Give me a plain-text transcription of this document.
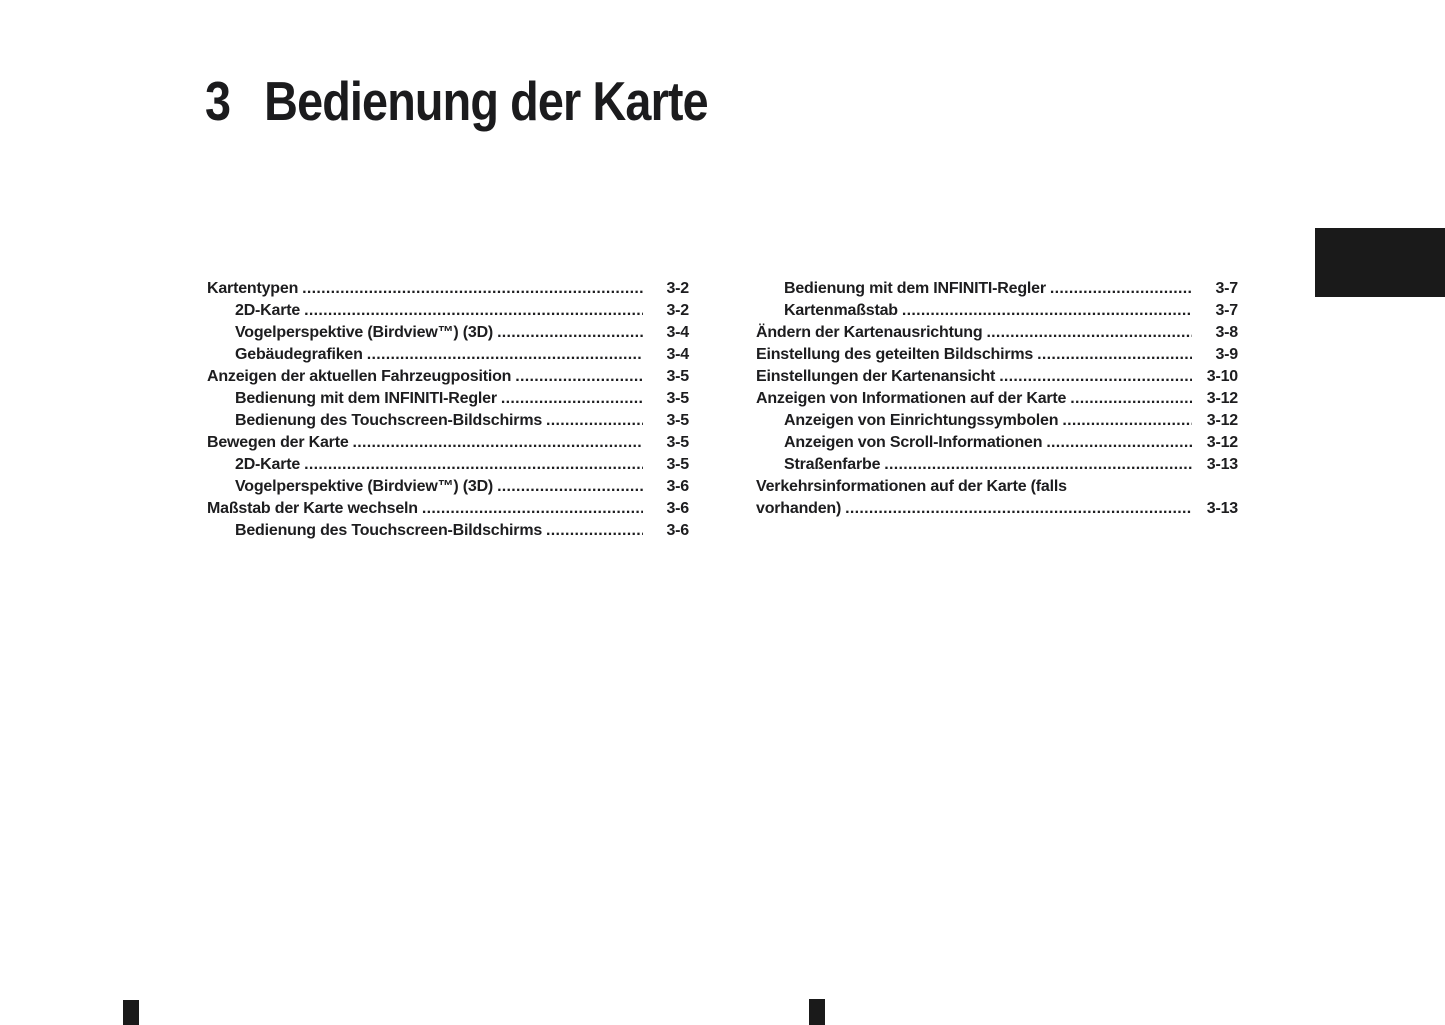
3 Bedienung der Karte
Kartentypen .....	3-2
2D-Karte .....	3-2
Vogelperspektive (Birdview™) (3D) .....	3-4
Gebäudegrafiken .....	3-4
Anzeigen der aktuellen Fahrzeugposition .....	3-5
Bedienung mit dem INFINITI-Regler .....	3-5
Bedienung des Touchscreen-Bildschirms .....	3-5
Bewegen der Karte .....	3-5
2D-Karte .....	3-5
Vogelperspektive (Birdview™) (3D) .....	3-6
Maßstab der Karte wechseln .....	3-6
Bedienung des Touchscreen-Bildschirms .....	3-6
Bedienung mit dem INFINITI-Regler .....	3-7
Kartenmaßstab .....	3-7
Ändern der Kartenausrichtung .....	3-8
Einstellung des geteilten Bildschirms .....	3-9
Einstellungen der Kartenansicht .....	3-10
Anzeigen von Informationen auf der Karte .....	3-12
Anzeigen von Einrichtungssymbolen .....	3-12
Anzeigen von Scroll-Informationen .....	3-12
Straßenfarbe .....	3-13
Verkehrsinformationen auf der Karte (falls
vorhanden) .....	3-13
